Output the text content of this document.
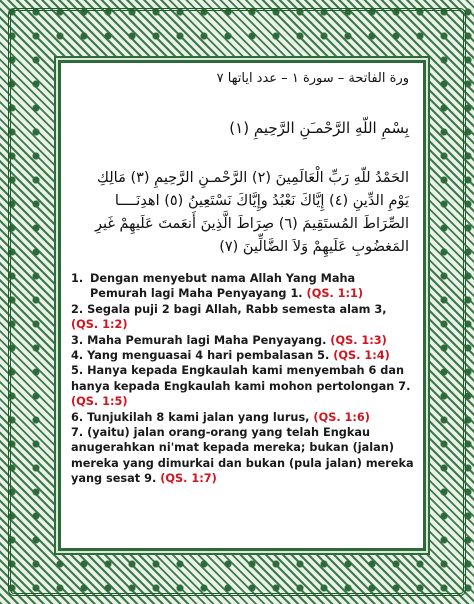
ورة الفاتحة – سورة ١ – عدد اياتها ٧
بِسْمِ اللّهِ الرَّحْمـَنِ الرَّحِيمِ (١)
الحَمْدُ للّهِ رَبِّ الْعَالَمِينَ (٢) الرَّحْمـنِ الرَّحِيمِ (٣) مَالِكِ
يَوْمِ الدِّينِ (٤) إِيَّاكَ نَعْبُدُ وإِيَّاكَ نَسْتَعِينُ (٥) اهدِنَــــا
الصِّرَاطَ المُستَقِيمَ (٦) صِرَاطَ الَّذِينَ أَنعَمتَ عَلَيهِمْ غَيرِ
المَغضُوبِ عَلَيهِمْ وَلاَ الضَّالِّينَ (٧)

1. Dengan menyebut nama Allah Yang Maha Pemurah lagi Maha Penyayang 1. (QS. 1:1)

2. Segala puji 2 bagi Allah, Rabb semesta alam 3, (QS. 1:2)

3. Maha Pemurah lagi Maha Penyayang. (QS. 1:3)

4. Yang menguasai 4 hari pembalasan 5. (QS. 1:4)

5. Hanya kepada Engkaulah kami menyembah 6 dan hanya kepada Engkaulah kami mohon pertolongan 7. (QS. 1:5)

6. Tunjukilah 8 kami jalan yang lurus, (QS. 1:6)

7. (yaitu) jalan orang-orang yang telah Engkau anugerahkan ni'mat kepada mereka; bukan (jalan) mereka yang dimurkai dan bukan (pula jalan) mereka yang sesat 9. (QS. 1:7)
